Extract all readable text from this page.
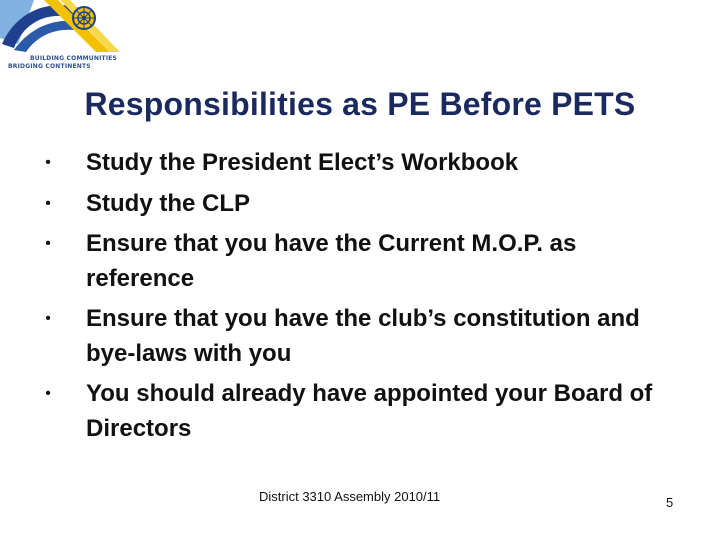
BUILDING COMMUNITIES
BRIDGING CONTINENTS
Responsibilities as PE Before PETS
• Study the President Elect’s Workbook
• Study the CLP
• Ensure that you have the Current M.O.P. as reference
• Ensure that you have the club’s constitution and bye-laws with you
• You should already have appointed your Board of Directors
District 3310 Assembly 2010/11	5
